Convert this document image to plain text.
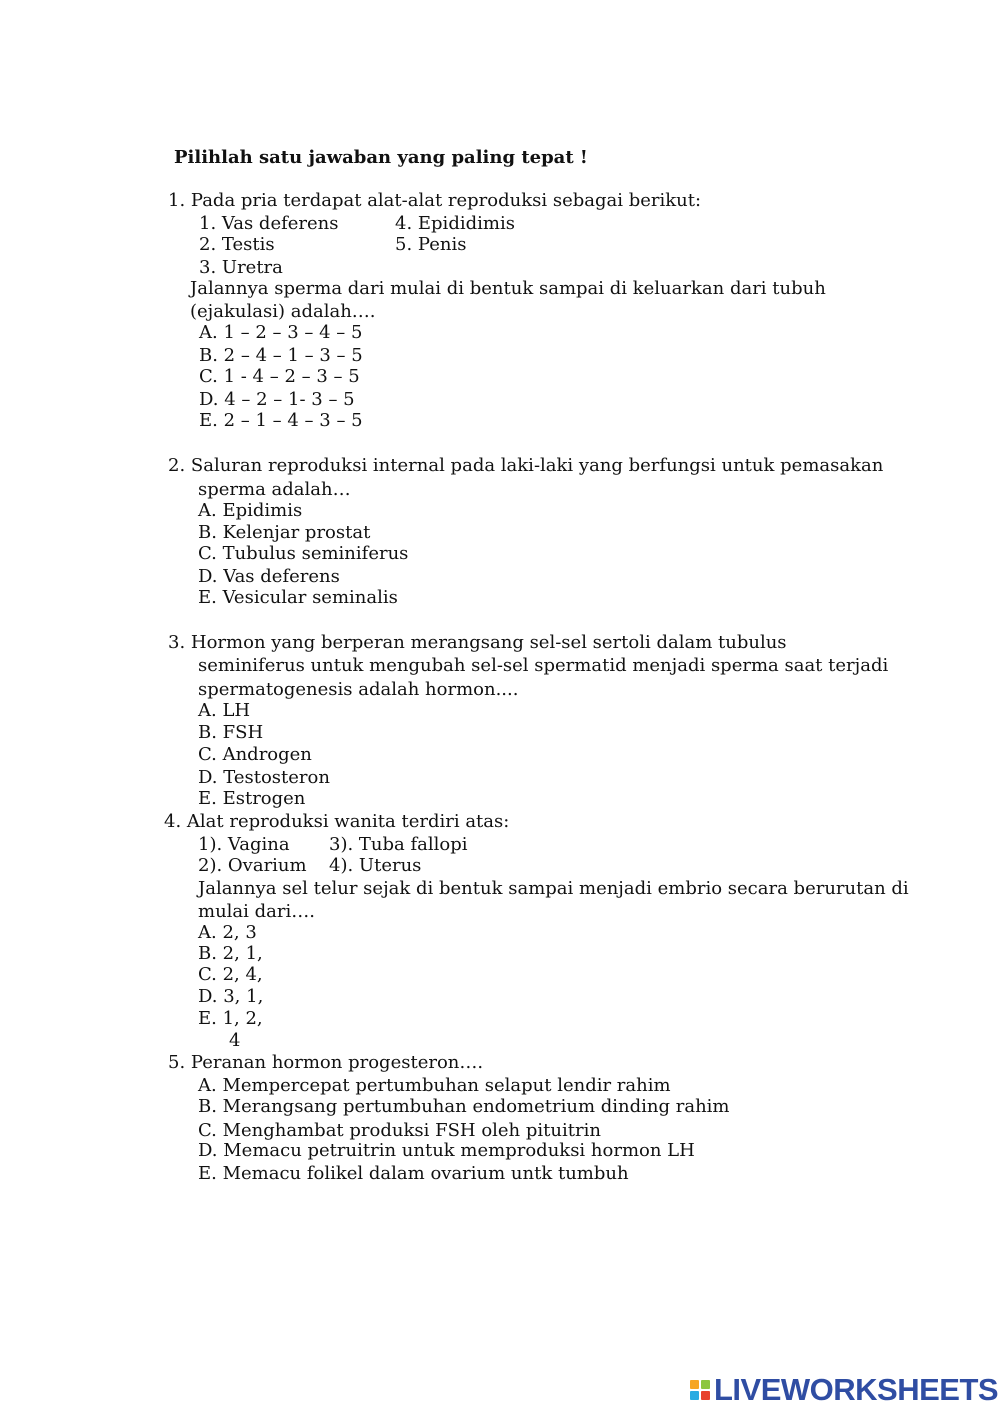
Pilihlah satu jawaban yang paling tepat !
1. Pada pria terdapat alat-alat reproduksi sebagai berikut:
1. Vas deferens	4. Epididimis
2. Testis	5. Penis
3. Uretra
Jalannya sperma dari mulai di bentuk sampai di keluarkan dari tubuh
(ejakulasi) adalah….
A. 1 – 2 – 3 – 4 – 5
B. 2 – 4 – 1 – 3 – 5
C. 1 - 4 – 2 – 3 – 5
D. 4 – 2 – 1- 3 – 5
E. 2 – 1 – 4 – 3 – 5
2. Saluran reproduksi internal pada laki-laki yang berfungsi untuk pemasakan
sperma adalah…
A. Epidimis
B. Kelenjar prostat
C. Tubulus seminiferus
D. Vas deferens
E. Vesicular seminalis
3. Hormon yang berperan merangsang sel-sel sertoli dalam tubulus
seminiferus untuk mengubah sel-sel spermatid menjadi sperma saat terjadi
spermatogenesis adalah hormon....
A. LH
B. FSH
C. Androgen
D. Testosteron
E. Estrogen
4. Alat reproduksi wanita terdiri atas:
1). Vagina 3). Tuba fallopi
2). Ovarium 4). Uterus
Jalannya sel telur sejak di bentuk sampai menjadi embrio secara berurutan di
mulai dari….
A. 2, 3
B. 2, 1,
C. 2, 4,
D. 3, 1,
E. 1, 2,
4
5. Peranan hormon progesteron….
A. Mempercepat pertumbuhan selaput lendir rahim
B. Merangsang pertumbuhan endometrium dinding rahim
C. Menghambat produksi FSH oleh pituitrin
D. Memacu petruitrin untuk memproduksi hormon LH
E. Memacu folikel dalam ovarium untk tumbuh
LIVEWORKSHEETS
